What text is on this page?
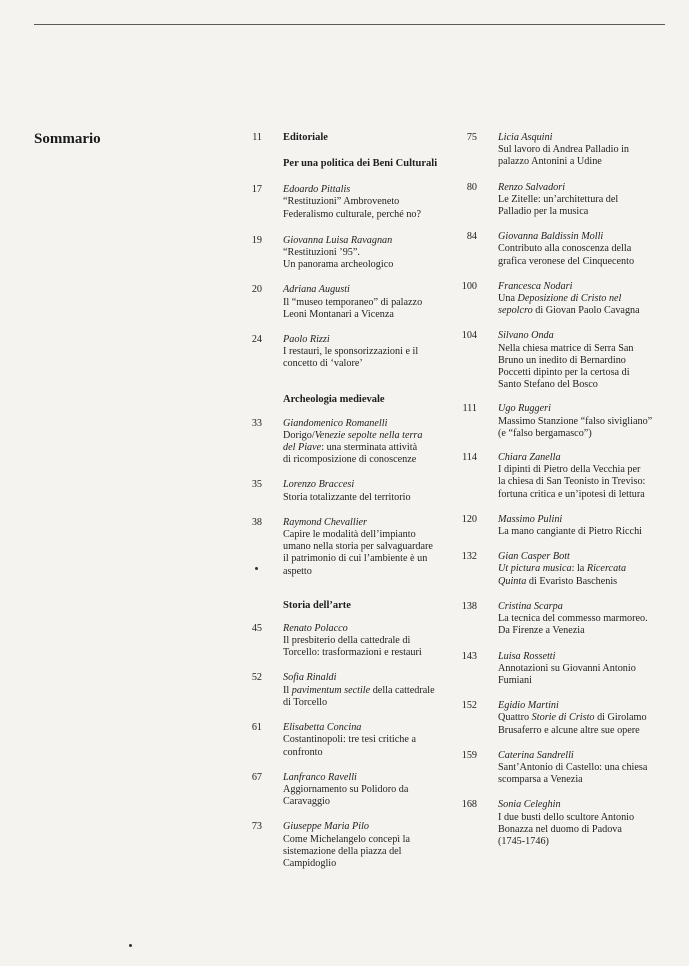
Sommario	11 Editoriale
Per una politica dei Beni Culturali
17 Edoardo Pittalis
“Restituzioni” Ambroveneto
Federalismo culturale, perché no?
19 Giovanna Luisa Ravagnan
“Restituzioni ’95”.
Un panorama archeologico
20 Adriana Augusti
Il “museo temporaneo” di palazzo
Leoni Montanari a Vicenza
24 Paolo Rizzi
I restauri, le sponsorizzazioni e il
concetto di ‘valore’
Archeologia medievale
33 Giandomenico Romanelli
Dorigo/Venezie sepolte nella terra
del Piave: una sterminata attività
di ricomposizione di conoscenze
35 Lorenzo Braccesi
Storia totalizzante del territorio
38 Raymond Chevallier
Capire le modalità dell’impianto
umano nella storia per salvaguardare
il patrimonio di cui l’ambiente è un
aspetto
Storia dell’arte
45 Renato Polacco
Il presbiterio della cattedrale di
Torcello: trasformazioni e restauri
52 Sofia Rinaldi
Il pavimentum sectile della cattedrale
di Torcello
61 Elisabetta Concina
Costantinopoli: tre tesi critiche a
confronto
67 Lanfranco Ravelli
Aggiornamento su Polidoro da
Caravaggio
73 Giuseppe Maria Pilo
Come Michelangelo concepì la
sistemazione della piazza del
Campidoglio
75 Licia Asquini
Sul lavoro di Andrea Palladio in
palazzo Antonini a Udine
80 Renzo Salvadori
Le Zitelle: un’architettura del
Palladio per la musica
84 Giovanna Baldissin Molli
Contributo alla conoscenza della
grafica veronese del Cinquecento
100 Francesca Nodari
Una Deposizione di Cristo nel
sepolcro di Giovan Paolo Cavagna
104 Silvano Onda
Nella chiesa matrice di Serra San
Bruno un inedito di Bernardino
Poccetti dipinto per la certosa di
Santo Stefano del Bosco
111 Ugo Ruggeri
Massimo Stanzione “falso sivigliano”
(e “falso bergamasco”)
114 Chiara Zanella
I dipinti di Pietro della Vecchia per
la chiesa di San Teonisto in Treviso:
fortuna critica e un’ipotesi di lettura
120 Massimo Pulini
La mano cangiante di Pietro Ricchi
132 Gian Casper Bott
Ut pictura musica: la Ricercata
Quinta di Evaristo Baschenis
138 Cristina Scarpa
La tecnica del commesso marmoreo.
Da Firenze a Venezia
143 Luisa Rossetti
Annotazioni su Giovanni Antonio
Fumiani
152 Egidio Martini
Quattro Storie di Cristo di Girolamo
Brusaferro e alcune altre sue opere
159 Caterina Sandrelli
Sant’Antonio di Castello: una chiesa
scomparsa a Venezia
168 Sonia Celeghin
I due busti dello scultore Antonio
Bonazza nel duomo di Padova
(1745-1746)
